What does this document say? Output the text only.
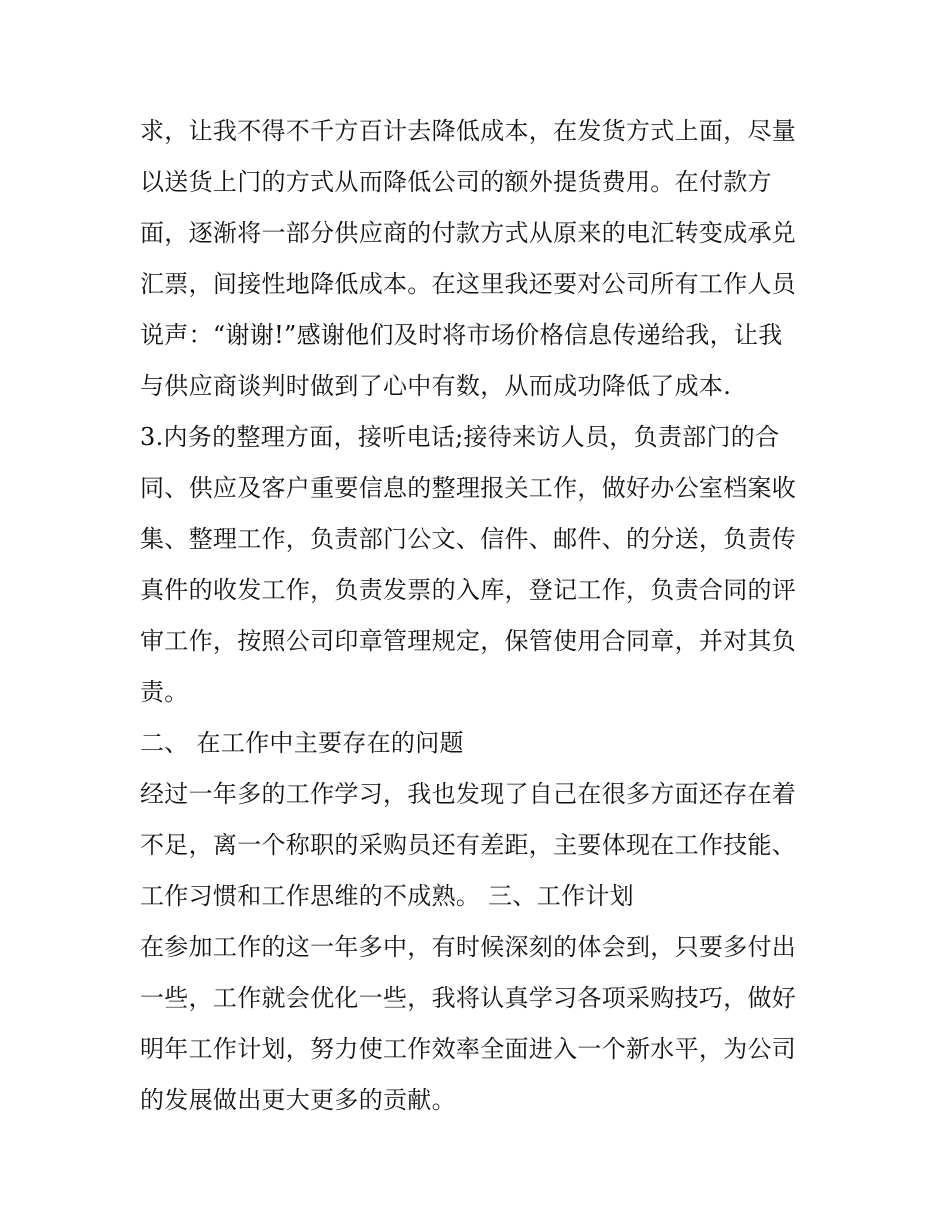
求，让我不得不千方百计去降低成本，在发货方式上面，尽量
以送货上门的方式从而降低公司的额外提货费用。在付款方
面，逐渐将一部分供应商的付款方式从原来的电汇转变成承兑
汇票，间接性地降低成本。在这里我还要对公司所有工作人员
说声：“谢谢!”感谢他们及时将市场价格信息传递给我，让我
与供应商谈判时做到了心中有数，从而成功降低了成本.
3.内务的整理方面，接听电话;接待来访人员，负责部门的合
同、供应及客户重要信息的整理报关工作，做好办公室档案收
集、整理工作，负责部门公文、信件、邮件、的分送，负责传
真件的收发工作，负责发票的入库，登记工作，负责合同的评
审工作，按照公司印章管理规定，保管使用合同章，并对其负
责。
二、 在工作中主要存在的问题
经过一年多的工作学习，我也发现了自己在很多方面还存在着
不足，离一个称职的采购员还有差距，主要体现在工作技能、
工作习惯和工作思维的不成熟。 三、工作计划
在参加工作的这一年多中，有时候深刻的体会到，只要多付出
一些，工作就会优化一些，我将认真学习各项采购技巧，做好
明年工作计划，努力使工作效率全面进入一个新水平，为公司
的发展做出更大更多的贡献。
